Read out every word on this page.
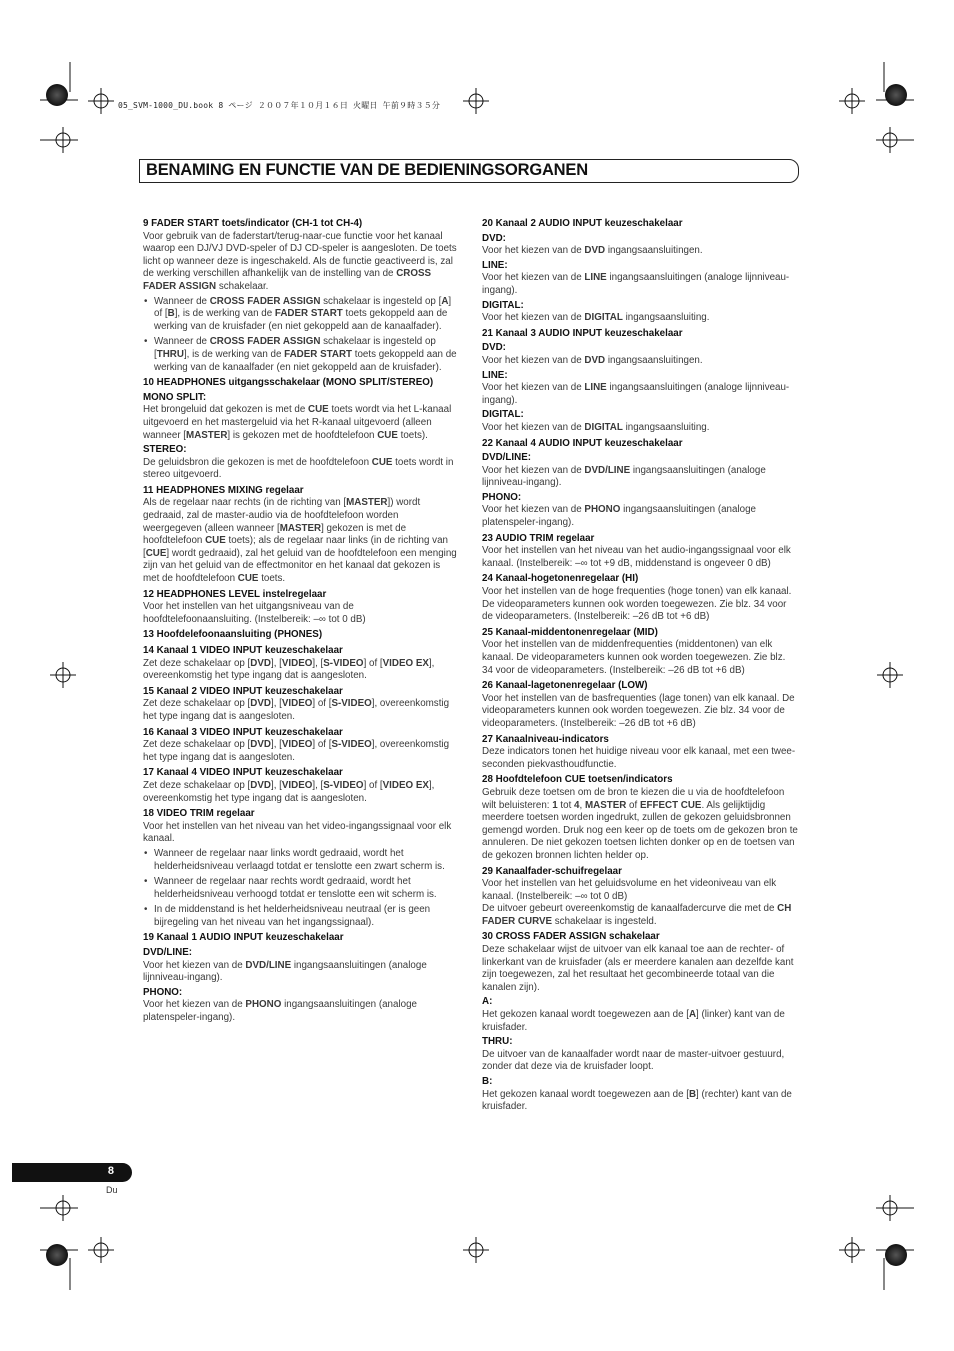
05_SVM-1000_DU.book 8 ページ ２００７年１０月１６日 火曜日 午前９時３５分
BENAMING EN FUNCTIE VAN DE BEDIENINGSORGANEN
9 FADER START toets/indicator (CH-1 tot CH-4)
Voor gebruik van de faderstart/terug-naar-cue functie voor het kanaal waarop een DJ/VJ DVD-speler of DJ CD-speler is aangesloten. De toets licht op wanneer deze is ingeschakeld. Als de functie geactiveerd is, zal de werking verschillen afhankelijk van de instelling van de CROSS FADER ASSIGN schakelaar.
• Wanneer de CROSS FADER ASSIGN schakelaar is ingesteld op [A] of [B], is de werking van de FADER START toets gekoppeld aan de werking van de kruisfader (en niet gekoppeld aan de kanaalfader).
• Wanneer de CROSS FADER ASSIGN schakelaar is ingesteld op [THRU], is de werking van de FADER START toets gekoppeld aan de werking van de kanaalfader (en niet gekoppeld aan de kruisfader).
10 HEADPHONES uitgangsschakelaar (MONO SPLIT/STEREO)
MONO SPLIT:
Het brongeluid dat gekozen is met de CUE toets wordt via het L-kanaal uitgevoerd en het mastergeluid via het R-kanaal uitgevoerd (alleen wanneer [MASTER] is gekozen met de hoofdtelefoon CUE toets).
STEREO:
De geluidsbron die gekozen is met de hoofdtelefoon CUE toets wordt in stereo uitgevoerd.
11 HEADPHONES MIXING regelaar
Als de regelaar naar rechts (in de richting van [MASTER]) wordt gedraaid, zal de master-audio via de hoofdtelefoon worden weergegeven (alleen wanneer [MASTER] gekozen is met de hoofdtelefoon CUE toets); als de regelaar naar links (in de richting van [CUE] wordt gedraaid), zal het geluid van de hoofdtelefoon een menging zijn van het geluid van de effectmonitor en het kanaal dat gekozen is met de hoofdtelefoon CUE toets.
12 HEADPHONES LEVEL instelregelaar
Voor het instellen van het uitgangsniveau van de hoofdtelefoonaansluiting. (Instelbereik: –∞ tot 0 dB)
13 Hoofdelefoonaansluiting (PHONES)
14 Kanaal 1 VIDEO INPUT keuzeschakelaar
Zet deze schakelaar op [DVD], [VIDEO], [S-VIDEO] of [VIDEO EX], overeenkomstig het type ingang dat is aangesloten.
15 Kanaal 2 VIDEO INPUT keuzeschakelaar
Zet deze schakelaar op [DVD], [VIDEO] of [S-VIDEO], overeenkomstig het type ingang dat is aangesloten.
16 Kanaal 3 VIDEO INPUT keuzeschakelaar
Zet deze schakelaar op [DVD], [VIDEO] of [S-VIDEO], overeenkomstig het type ingang dat is aangesloten.
17 Kanaal 4 VIDEO INPUT keuzeschakelaar
Zet deze schakelaar op [DVD], [VIDEO], [S-VIDEO] of [VIDEO EX], overeenkomstig het type ingang dat is aangesloten.
18 VIDEO TRIM regelaar
Voor het instellen van het niveau van het video-ingangssignaal voor elk kanaal.
• Wanneer de regelaar naar links wordt gedraaid, wordt het helderheidsniveau verlaagd totdat er tenslotte een zwart scherm is.
• Wanneer de regelaar naar rechts wordt gedraaid, wordt het helderheidsniveau verhoogd totdat er tenslotte een wit scherm is.
• In de middenstand is het helderheidsniveau neutraal (er is geen bijregeling van het niveau van het ingangssignaal).
19 Kanaal 1 AUDIO INPUT keuzeschakelaar
DVD/LINE:
Voor het kiezen van de DVD/LINE ingangsaansluitingen (analoge lijnniveau-ingang).
PHONO:
Voor het kiezen van de PHONO ingangsaansluitingen (analoge platenspeler-ingang).
20 Kanaal 2 AUDIO INPUT keuzeschakelaar
DVD:
Voor het kiezen van de DVD ingangsaansluitingen.
LINE:
Voor het kiezen van de LINE ingangsaansluitingen (analoge lijnniveau-ingang).
DIGITAL:
Voor het kiezen van de DIGITAL ingangsaansluiting.
21 Kanaal 3 AUDIO INPUT keuzeschakelaar
DVD:
Voor het kiezen van de DVD ingangsaansluitingen.
LINE:
Voor het kiezen van de LINE ingangsaansluitingen (analoge lijnniveau-ingang).
DIGITAL:
Voor het kiezen van de DIGITAL ingangsaansluiting.
22 Kanaal 4 AUDIO INPUT keuzeschakelaar
DVD/LINE:
Voor het kiezen van de DVD/LINE ingangsaansluitingen (analoge lijnniveau-ingang).
PHONO:
Voor het kiezen van de PHONO ingangsaansluitingen (analoge platenspeler-ingang).
23 AUDIO TRIM regelaar
Voor het instellen van het niveau van het audio-ingangssignaal voor elk kanaal. (Instelbereik: –∞ tot +9 dB, middenstand is ongeveer 0 dB)
24 Kanaal-hogetonenregelaar (HI)
Voor het instellen van de hoge frequenties (hoge tonen) van elk kanaal. De videoparameters kunnen ook worden toegewezen. Zie blz. 34 voor de videoparameters. (Instelbereik: –26 dB tot +6 dB)
25 Kanaal-middentonenregelaar (MID)
Voor het instellen van de middenfrequenties (middentonen) van elk kanaal. De videoparameters kunnen ook worden toegewezen. Zie blz. 34 voor de videoparameters. (Instelbereik: –26 dB tot +6 dB)
26 Kanaal-lagetonenregelaar (LOW)
Voor het instellen van de basfrequenties (lage tonen) van elk kanaal. De videoparameters kunnen ook worden toegewezen. Zie blz. 34 voor de videoparameters. (Instelbereik: –26 dB tot +6 dB)
27 Kanaalniveau-indicators
Deze indicators tonen het huidige niveau voor elk kanaal, met een twee-seconden piekvasthoudfunctie.
28 Hoofdtelefoon CUE toetsen/indicators
Gebruik deze toetsen om de bron te kiezen die u via de hoofdtelefoon wilt beluisteren: 1 tot 4, MASTER of EFFECT CUE. Als gelijktijdig meerdere toetsen worden ingedrukt, zullen de gekozen geluidsbronnen gemengd worden. Druk nog een keer op de toets om de gekozen bron te annuleren. De niet gekozen toetsen lichten donker op en de toetsen van de gekozen bronnen lichten helder op.
29 Kanaalfader-schuifregelaar
Voor het instellen van het geluidsvolume en het videoniveau van elk kanaal. (Instelbereik: –∞ tot 0 dB)
De uitvoer gebeurt overeenkomstig de kanaalfadercurve die met de CH FADER CURVE schakelaar is ingesteld.
30 CROSS FADER ASSIGN schakelaar
Deze schakelaar wijst de uitvoer van elk kanaal toe aan de rechter- of linkerkant van de kruisfader (als er meerdere kanalen aan dezelfde kant zijn toegewezen, zal het resultaat het gecombineerde totaal van die kanalen zijn).
A:
Het gekozen kanaal wordt toegewezen aan de [A] (linker) kant van de kruisfader.
THRU:
De uitvoer van de kanaalfader wordt naar de master-uitvoer gestuurd, zonder dat deze via de kruisfader loopt.
B:
Het gekozen kanaal wordt toegewezen aan de [B] (rechter) kant van de kruisfader.
8
Du
